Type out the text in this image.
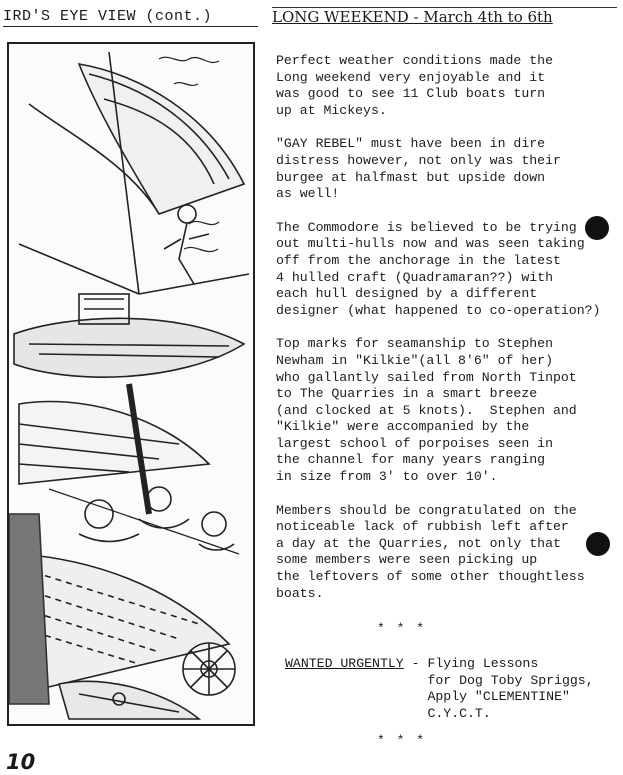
IRD'S EYE VIEW (cont.)	LONG WEEKEND - March 4th to 6th

Perfect weather conditions made the
Long weekend very enjoyable and it
was good to see 11 Club boats turn
up at Mickeys.

"GAY REBEL" must have been in dire
distress however, not only was their
burgee at halfmast but upside down
as well!

The Commodore is believed to be trying
out multi-hulls now and was seen taking
off from the anchorage in the latest
4 hulled craft (Quadramaran??) with
each hull designed by a different
designer (what happened to co-operation?)

Top marks for seamanship to Stephen
Newham in "Kilkie"(all 8'6" of her)
who gallantly sailed from North Tinpot
to The Quarries in a smart breeze
(and clocked at 5 knots).  Stephen and
"Kilkie" were accompanied by the
largest school of porpoises seen in
the channel for many years ranging
in size from 3' to over 10'.

Members should be congratulated on the
noticeable lack of rubbish left after
a day at the Quarries, not only that
some members were seen picking up
the leftovers of some other thoughtless
boats.

* * *
WANTED URGENTLY - Flying Lessons
for Dog Toby Spriggs,
Apply "CLEMENTINE"
C.Y.C.T.
* * *
10
